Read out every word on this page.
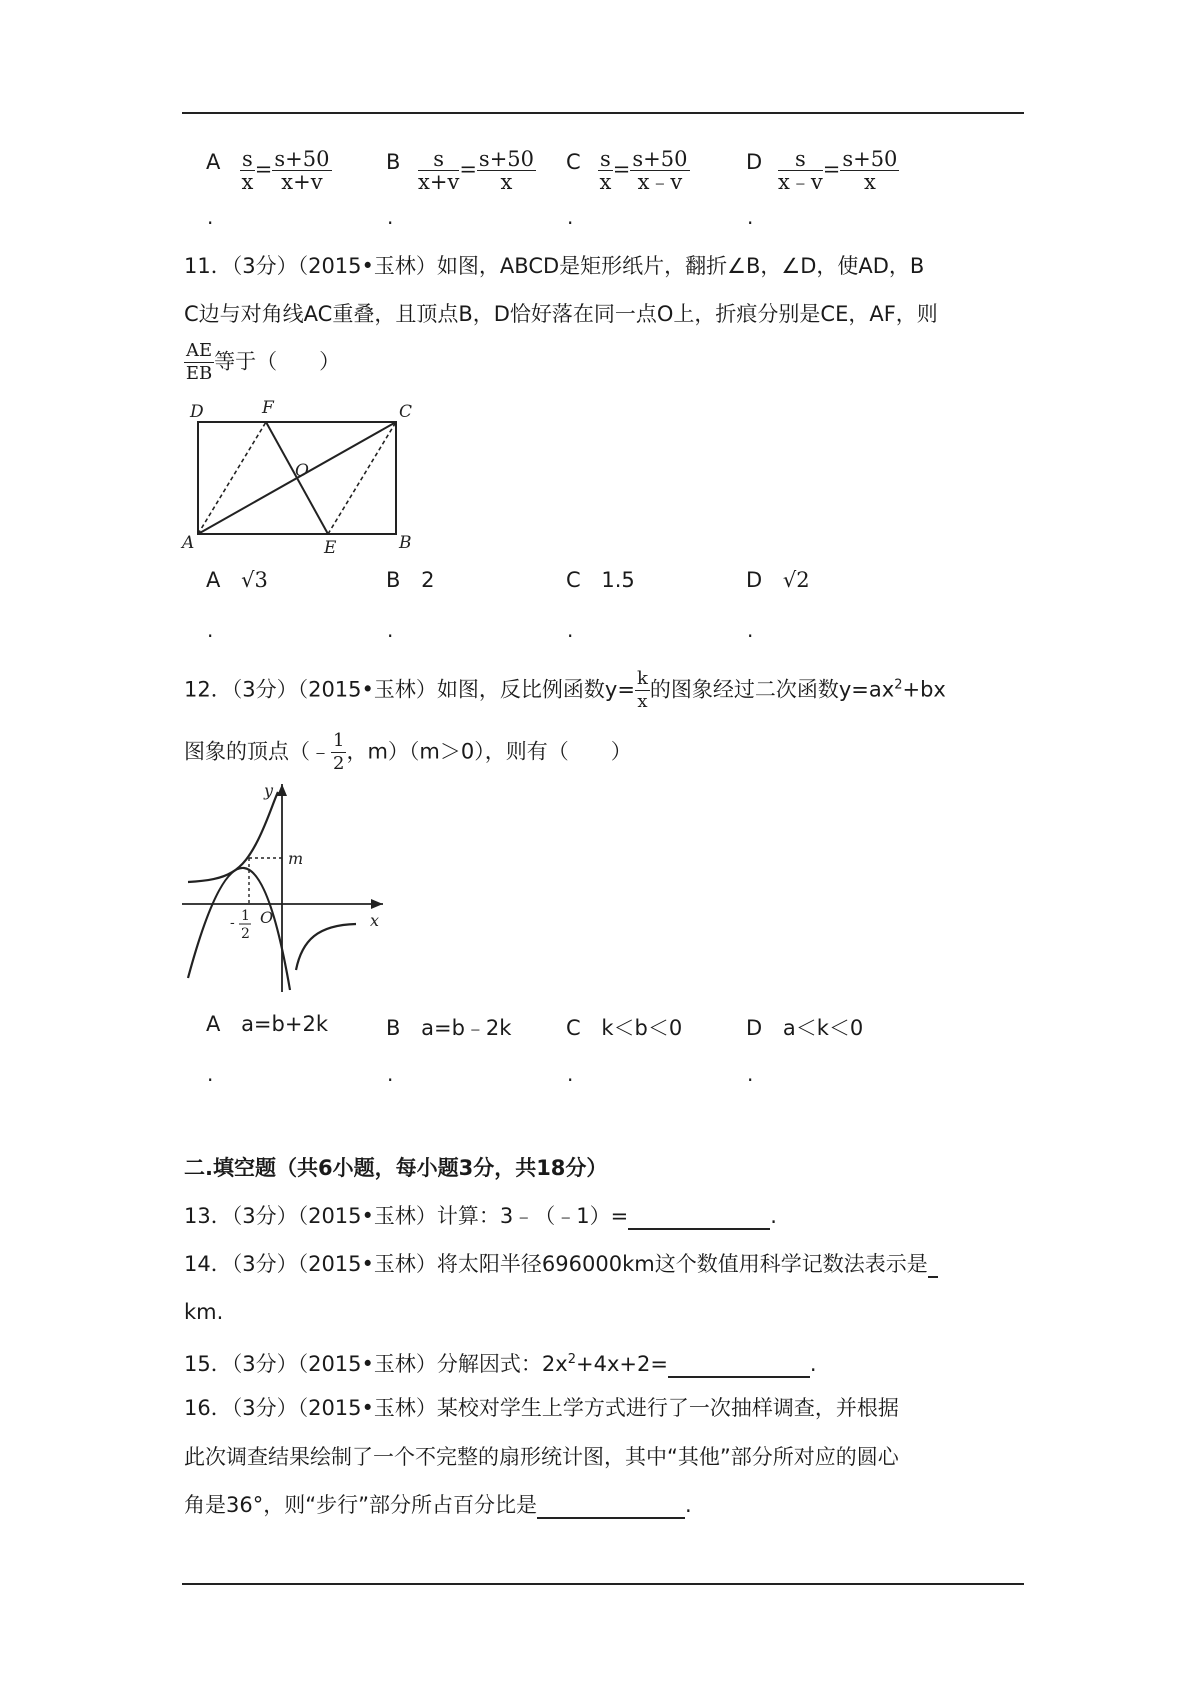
A $\frac{s}{x} = \frac{s+50}{x+v}$
.
B $\frac{s}{x+v} = \frac{s+50}{x}$
.
C $\frac{s}{x} = \frac{s+50}{x﹣v}$
.
D $\frac{s}{x﹣v} = \frac{s+50}{x}$
.
11．（3分）（2015•玉林）如图，ABCD是矩形纸片，翻折∠B，∠D，使AD，B
C边与对角线AC重叠，且顶点B，D恰好落在同一点O上，折痕分别是CE，AF，则
$\frac{AE}{EB}$ 等于（　　）
D	F	C
O
A	E	B
A √3
.
B 2
.
C 1.5
.
D √2
.
12．（3分）（2015•玉林）如图，反比例函数$y= \frac{k}{x}$ 的图象经过二次函数$y=ax^2+bx$
图象的顶点（﹣ $\frac{1}{2}$ ，m）（m＞0），则有（　　）
y
m
O	x
- 1
2
A a=b+2k
.
B a=b﹣2k
.
C k＜b＜0
.
D a＜k＜0
.
二.填空题（共6小题，每小题3分，共18分）
13．（3分）（2015•玉林）计算：3﹣（﹣1）=	.
14．（3分）（2015•玉林）将太阳半径696000km这个数值用科学记数法表示是
km.
15．（3分）（2015•玉林）分解因式：$2x^2+4x+2=$	.
16．（3分）（2015•玉林）某校对学生上学方式进行了一次抽样调查，并根据
此次调查结果绘制了一个不完整的扇形统计图，其中“其他”部分所对应的圆心
角是36°，则“步行”部分所占百分比是	.
